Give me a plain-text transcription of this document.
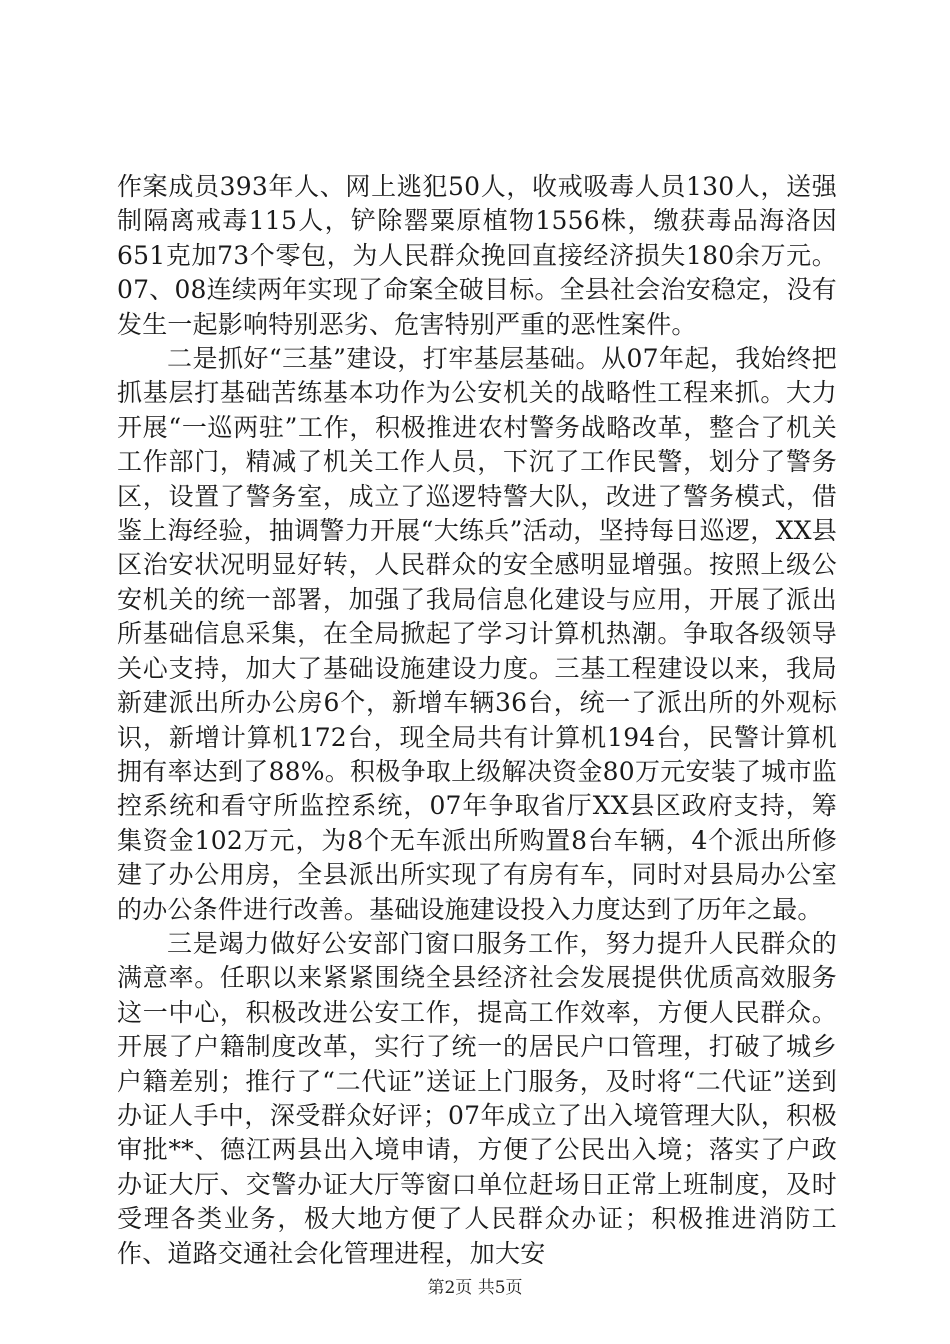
作案成员393年人、网上逃犯50人，收戒吸毒人员130人，送强制隔离戒毒115人，铲除罂粟原植物1556株，缴获毒品海洛因651克加73个零包，为人民群众挽回直接经济损失180余万元。07、08连续两年实现了命案全破目标。全县社会治安稳定，没有发生一起影响特别恶劣、危害特别严重的恶性案件。

二是抓好“三基”建设，打牢基层基础。从07年起，我始终把抓基层打基础苦练基本功作为公安机关的战略性工程来抓。大力开展“一巡两驻”工作，积极推进农村警务战略改革，整合了机关工作部门，精减了机关工作人员，下沉了工作民警，划分了警务区，设置了警务室，成立了巡逻特警大队，改进了警务模式，借鉴上海经验，抽调警力开展“大练兵”活动，坚持每日巡逻，XX县区治安状况明显好转，人民群众的安全感明显增强。按照上级公安机关的统一部署，加强了我局信息化建设与应用，开展了派出所基础信息采集，在全局掀起了学习计算机热潮。争取各级领导关心支持，加大了基础设施建设力度。三基工程建设以来，我局新建派出所办公房6个，新增车辆36台，统一了派出所的外观标识，新增计算机172台，现全局共有计算机194台，民警计算机拥有率达到了88%。积极争取上级解决资金80万元安装了城市监控系统和看守所监控系统，07年争取省厅XX县区政府支持，筹集资金102万元，为8个无车派出所购置8台车辆，4个派出所修建了办公用房，全县派出所实现了有房有车，同时对县局办公室的办公条件进行改善。基础设施建设投入力度达到了历年之最。

三是竭力做好公安部门窗口服务工作，努力提升人民群众的满意率。任职以来紧紧围绕全县经济社会发展提供优质高效服务这一中心，积极改进公安工作，提高工作效率，方便人民群众。开展了户籍制度改革，实行了统一的居民户口管理，打破了城乡户籍差别；推行了“二代证”送证上门服务，及时将“二代证”送到办证人手中，深受群众好评；07年成立了出入境管理大队，积极审批**、德江两县出入境申请，方便了公民出入境；落实了户政办证大厅、交警办证大厅等窗口单位赶场日正常上班制度，及时受理各类业务，极大地方便了人民群众办证；积极推进消防工作、道路交通社会化管理进程，加大安

第2页 共5页
